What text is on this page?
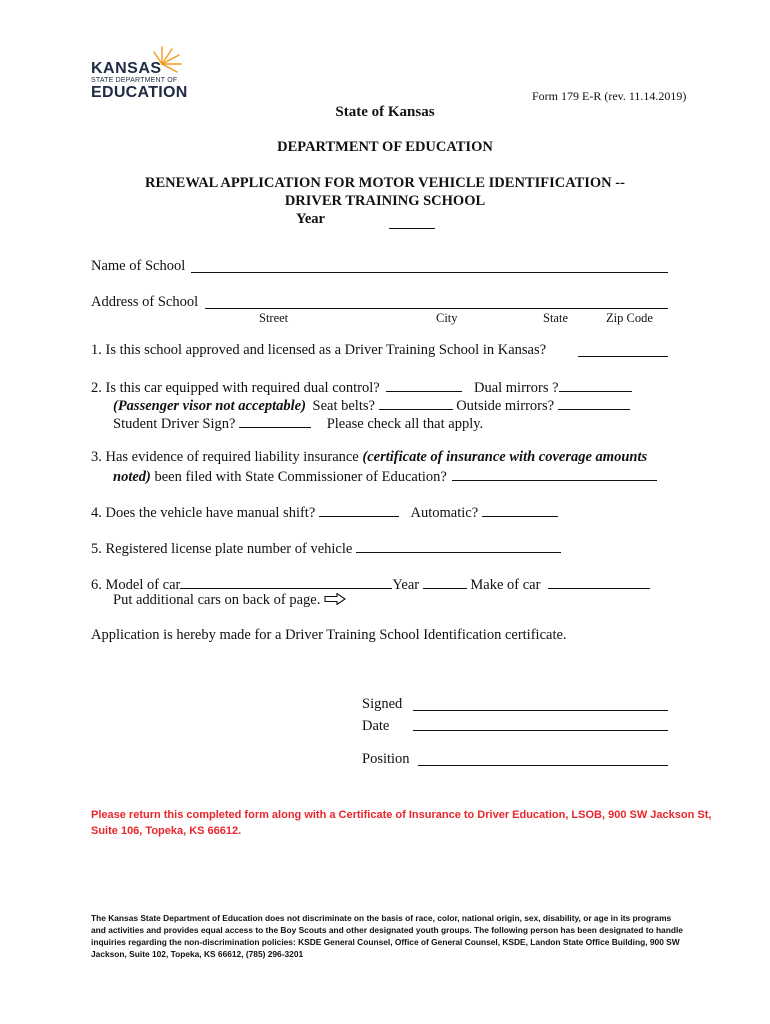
KANSAS
STATE DEPARTMENT OF
EDUCATION	Form 179 E-R (rev. 11.14.2019)
State of Kansas
DEPARTMENT OF EDUCATION
RENEWAL APPLICATION FOR MOTOR VEHICLE IDENTIFICATION --
DRIVER TRAINING SCHOOL
Year
Name of School
Address of School
Street	City	State	Zip Code
1. Is this school approved and licensed as a Driver Training School in Kansas?
2. Is this car equipped with required dual control?	Dual mirrors ?
(Passenger visor not acceptable) Seat belts?	Outside mirrors?
Student Driver Sign?	Please check all that apply.
3. Has evidence of required liability insurance (certificate of insurance with coverage amounts
noted) been filed with State Commissioner of Education?
4. Does the vehicle have manual shift?	Automatic?
5. Registered license plate number of vehicle
6. Model of car	Year	Make of car
Put additional cars on back of page.
Application is hereby made for a Driver Training School Identification certificate.
Signed
Date
Position
Please return this completed form along with a Certificate of Insurance to Driver Education, LSOB, 900 SW Jackson St,
Suite 106, Topeka, KS 66612.
The Kansas State Department of Education does not discriminate on the basis of race, color, national origin, sex, disability, or age in its programs
and activities and provides equal access to the Boy Scouts and other designated youth groups. The following person has been designated to handle
inquiries regarding the non-discrimination policies: KSDE General Counsel, Office of General Counsel, KSDE, Landon State Office Building, 900 SW
Jackson, Suite 102, Topeka, KS 66612, (785) 296-3201
